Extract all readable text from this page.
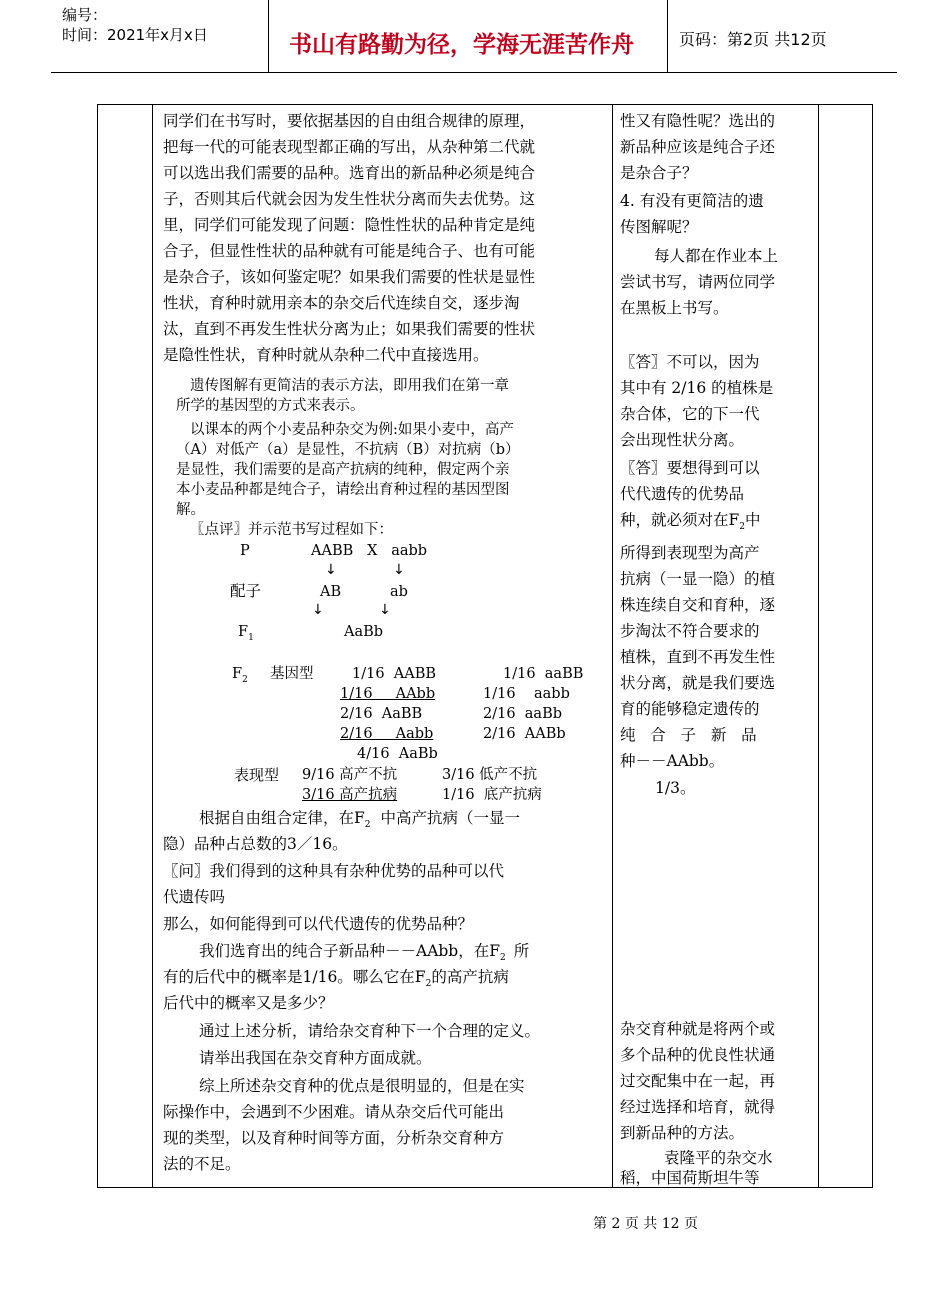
编号：
时间：2021年x月x日	书山有路勤为径，学海无涯苦作舟	页码：第2页 共12页
同学们在书写时，要依据基因的自由组合规律的原理，
把每一代的可能表现型都正确的写出，从杂种第二代就
可以选出我们需要的品种。选育出的新品种必须是纯合
子，否则其后代就会因为发生性状分离而失去优势。这
里，同学们可能发现了问题：隐性性状的品种肯定是纯
合子，但显性性状的品种就有可能是纯合子、也有可能
是杂合子，该如何鉴定呢？如果我们需要的性状是显性
性状，育种时就用亲本的杂交后代连续自交，逐步淘
汰，直到不再发生性状分离为止；如果我们需要的性状
是隐性性状，育种时就从杂种二代中直接选用。
遗传图解有更简洁的表示方法，即用我们在第一章
所学的基因型的方式来表示。
以课本的两个小麦品种杂交为例:如果小麦中，高产
（A）对低产（a）是显性，不抗病（B）对抗病（b）
是显性，我们需要的是高产抗病的纯种，假定两个亲
本小麦品种都是纯合子，请绘出育种过程的基因型图
解。
〖点评〗并示范书写过程如下：
P	AABB   X   aabb
↓	↓
配子	AB	ab
↓	↓
$F_1$	AaBb
$F_2$ 基因型	1/16  AABB	1/16  aaBB
1/16     AAbb	1/16    aabb
2/16  AaBB	2/16  aaBb
2/16     Aabb	2/16  AABb
4/16  AaBb
表现型 9/16 高产不抗	3/16 低产不抗
3/16 高产抗病	1/16  底产抗病
根据自由组合定律，在$F_2$ 中高产抗病（一显一
隐）品种占总数的3／16。
〖问〗我们得到的这种具有杂种优势的品种可以代
代遗传吗
那么，如何能得到可以代代遗传的优势品种？
我们选育出的纯合子新品种－－AAbb，在$F_2$ 所
有的后代中的概率是1/16。哪么它在$F_2$的高产抗病
后代中的概率又是多少？
通过上述分析，请给杂交育种下一个合理的定义。
请举出我国在杂交育种方面成就。
综上所述杂交育种的优点是很明显的，但是在实
际操作中，会遇到不少困难。请从杂交后代可能出
现的类型，以及育种时间等方面，分析杂交育种方
法的不足。
性又有隐性呢？选出的
新品种应该是纯合子还
是杂合子？
4. 有没有更简洁的遗
传图解呢？
每人都在作业本上
尝试书写，请两位同学
在黑板上书写。
〖答〗不可以，因为
其中有 2/16 的植株是
杂合体，它的下一代
会出现性状分离。
〖答〗要想得到可以
代代遗传的优势品
种，就必须对在$F_2$中
所得到表现型为高产
抗病（一显一隐）的植
株连续自交和育种，逐
步淘汰不符合要求的
植株，直到不再发生性
状分离，就是我们要选
育的能够稳定遗传的
纯   合   子   新   品
种－－AAbb。
1/3。
杂交育种就是将两个或
多个品种的优良性状通
过交配集中在一起，再
经过选择和培育，就得
到新品种的方法。
袁隆平的杂交水
稻，中国荷斯坦牛等
第 2 页 共 12 页
